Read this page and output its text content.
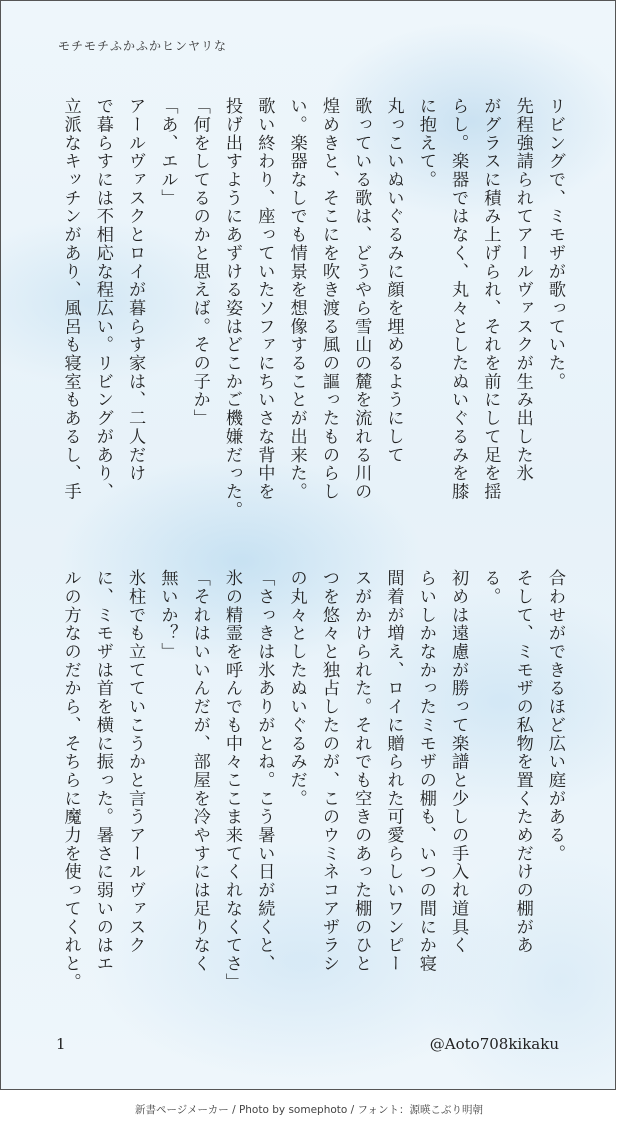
モチモチふかふかヒンヤリな

リビングで、ミモザが歌っていた。

先程強請られてアールヴァスクが生み出した氷

がグラスに積み上げられ、それを前にして足を揺

らし。楽器ではなく、丸々としたぬいぐるみを膝

に抱えて。

丸っこいぬいぐるみに顔を埋めるようにして

歌っている歌は、どうやら雪山の麓を流れる川の

煌めきと、そこにを吹き渡る風の謳ったものらし

い。楽器なしでも情景を想像することが出来た。

歌い終わり、座っていたソファにちいさな背中を

投げ出すようにあずける姿はどこかご機嫌だった。

「何をしてるのかと思えば。その子か」

「あ、エル」

アールヴァスクとロイが暮らす家は、二人だけ

で暮らすには不相応な程広い。リビングがあり、

立派なキッチンがあり、風呂も寝室もあるし、手

合わせができるほど広い庭がある。

そして、ミモザの私物を置くためだけの棚があ

る。

初めは遠慮が勝って楽譜と少しの手入れ道具く

らいしかなかったミモザの棚も、いつの間にか寝

間着が増え、ロイに贈られた可愛らしいワンピー

スがかけられた。それでも空きのあった棚のひと

つを悠々と独占したのが、このウミネコアザラシ

の丸々としたぬいぐるみだ。

「さっきは氷ありがとね。こう暑い日が続くと、

氷の精霊を呼んでも中々ここま来てくれなくてさ」

「それはいいんだが、部屋を冷やすには足りなく

無いか？」

氷柱でも立てていこうかと言うアールヴァスク

に、ミモザは首を横に振った。暑さに弱いのはエ

ルの方なのだから、そちらに魔力を使ってくれと。

1	@Aoto708kikaku
新書ページメーカー / Photo by somephoto / フォント：源暎こぶり明朝
